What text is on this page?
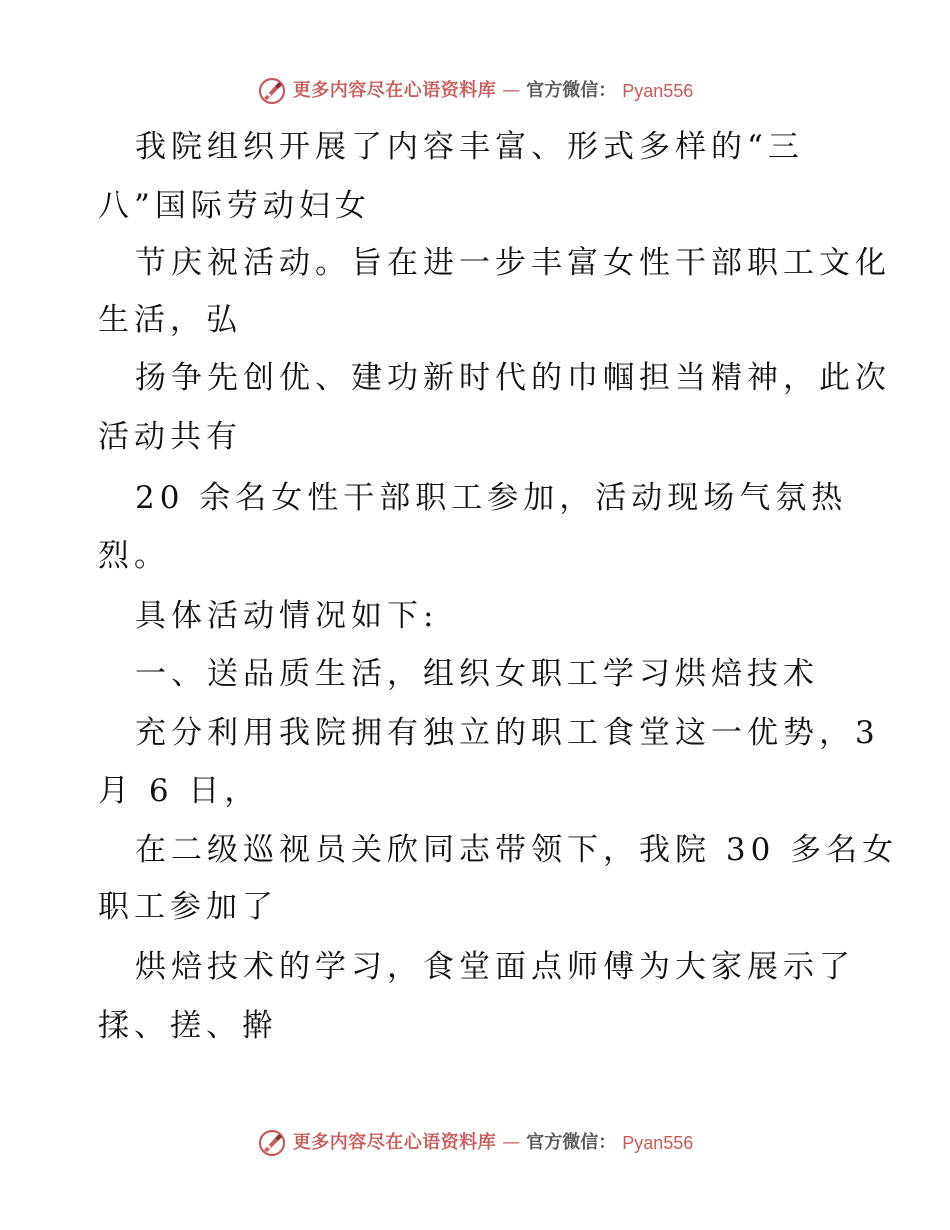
更多内容尽在心语资料库 — 官方微信： Pyan556
我院组织开展了内容丰富、形式多样的“三
八”国际劳动妇女
节庆祝活动。旨在进一步丰富女性干部职工文化
生活，弘
扬争先创优、建功新时代的巾帼担当精神，此次
活动共有
20 余名女性干部职工参加，活动现场气氛热
烈。
具体活动情况如下:
一、送品质生活，组织女职工学习烘焙技术
充分利用我院拥有独立的职工食堂这一优势，3
月 6 日，
在二级巡视员关欣同志带领下，我院 30 多名女
职工参加了
烘焙技术的学习，食堂面点师傅为大家展示了
揉、搓、擀
更多内容尽在心语资料库 — 官方微信： Pyan556
